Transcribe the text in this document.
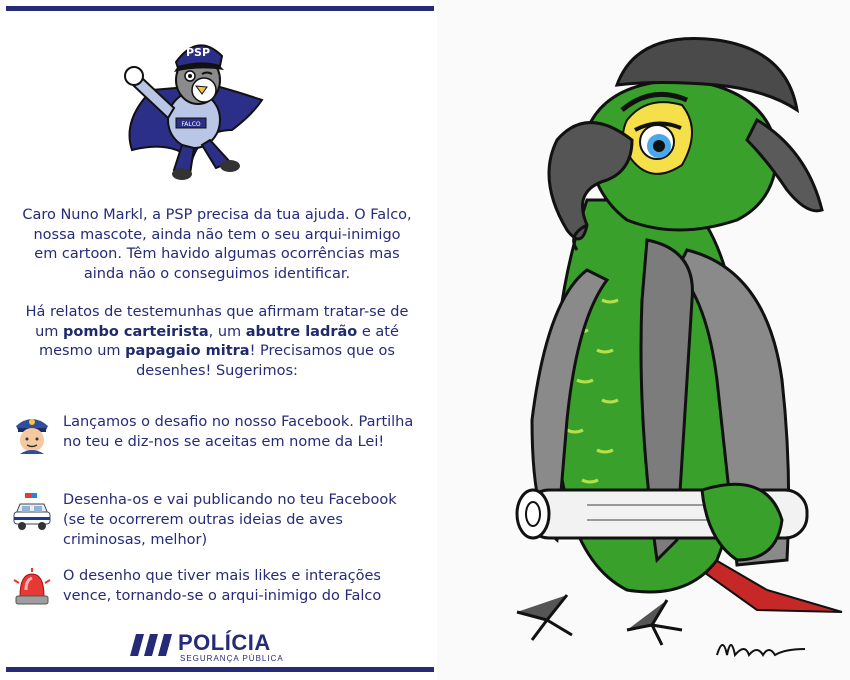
FALCO
PSP

Caro Nuno Markl, a PSP precisa da tua ajuda. O Falco, nossa mascote, ainda não tem o seu arqui-inimigo em cartoon. Têm havido algumas ocorrências mas ainda não o conseguimos identificar.

Há relatos de testemunhas que afirmam tratar-se de um pombo carteirista, um abutre ladrão e até mesmo um papagaio mitra! Precisamos que os desenhes! Sugerimos:

Lançamos o desafio no nosso Facebook. Partilha no teu e diz-nos se aceitas em nome da Lei!
Desenha-os e vai publicando no teu Facebook (se te ocorrerem outras ideias de aves criminosas, melhor)
O desenho que tiver mais likes e interações vence, tornando-se o arqui-inimigo do Falco
POLÍCIA
SEGURANÇA PÚBLICA
